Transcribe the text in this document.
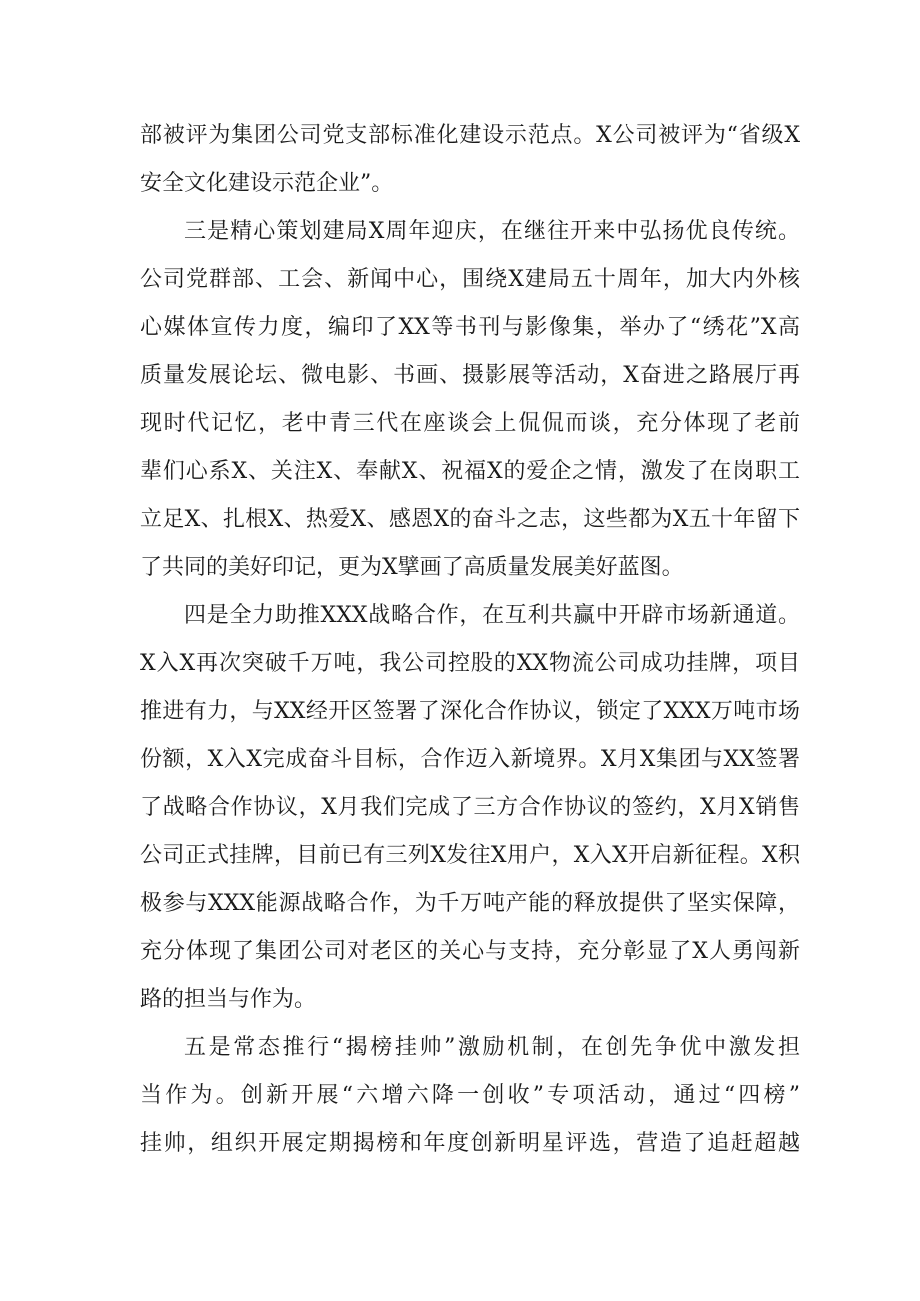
部被评为集团公司党支部标准化建设示范点。X公司被评为“省级X
安全文化建设示范企业”。
三是精心策划建局X周年迎庆，在继往开来中弘扬优良传统。
公司党群部、工会、新闻中心，围绕X建局五十周年，加大内外核
心媒体宣传力度，编印了XX等书刊与影像集，举办了“绣花”X高
质量发展论坛、微电影、书画、摄影展等活动，X奋进之路展厅再
现时代记忆，老中青三代在座谈会上侃侃而谈，充分体现了老前
辈们心系X、关注X、奉献X、祝福X的爱企之情，激发了在岗职工
立足X、扎根X、热爱X、感恩X的奋斗之志，这些都为X五十年留下
了共同的美好印记，更为X擘画了高质量发展美好蓝图。
四是全力助推XXX战略合作，在互利共赢中开辟市场新通道。
X入X再次突破千万吨，我公司控股的XX物流公司成功挂牌，项目
推进有力，与XX经开区签署了深化合作协议，锁定了XXX万吨市场
份额，X入X完成奋斗目标，合作迈入新境界。X月X集团与XX签署
了战略合作协议，X月我们完成了三方合作协议的签约，X月X销售
公司正式挂牌，目前已有三列X发往X用户，X入X开启新征程。X积
极参与XXX能源战略合作，为千万吨产能的释放提供了坚实保障，
充分体现了集团公司对老区的关心与支持，充分彰显了X人勇闯新
路的担当与作为。
五是常态推行“揭榜挂帅”激励机制，在创先争优中激发担
当作为。创新开展“六增六降一创收”专项活动，通过“四榜”
挂帅，组织开展定期揭榜和年度创新明星评选，营造了追赶超越
